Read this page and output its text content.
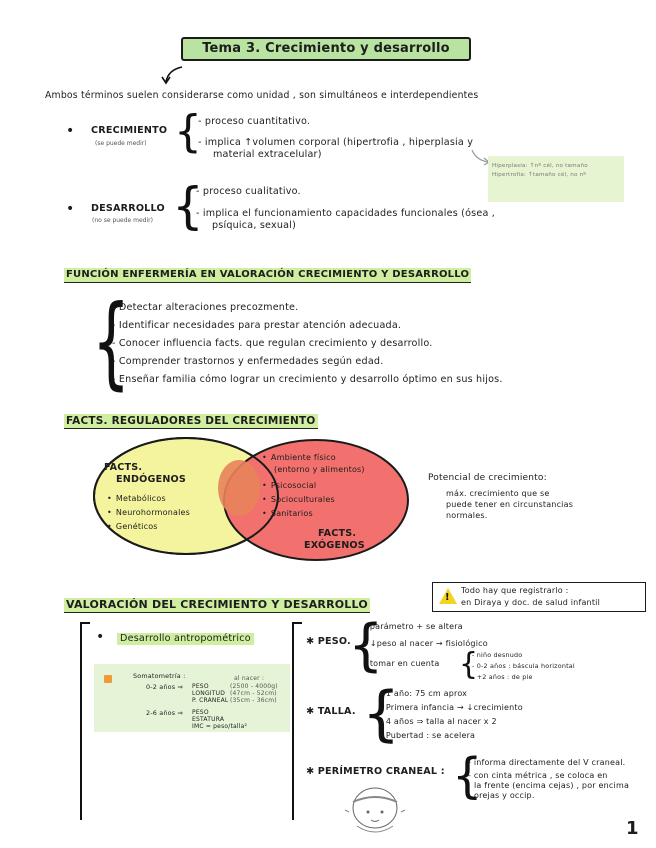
Tema 3. Crecimiento y desarrollo
Ambos términos suelen considerarse como unidad , son simultáneos e interdependientes
• CRECIMIENTO
(se puede medir) {
- proceso cuantitativo.
- implica ↑volumen corporal (hipertrofia , hiperplasia y
material extracelular)
Hiperplasia: ↑nº cél, no tamaño
Hipertrofia: ↑tamaño cél, no nº
• DESARROLLO
(no se puede medir) {
- proceso cualitativo.
- implica el funcionamiento capacidades funcionales (ósea ,
psíquica, sexual)
FUNCIÓN ENFERMERÍA EN VALORACIÓN CRECIMIENTO Y DESARROLLO
{
- Detectar alteraciones precozmente.
- Identificar necesidades para prestar atención adecuada.
- Conocer influencia facts. que regulan crecimiento y desarrollo.
- Comprender trastornos y enfermedades según edad.
- Enseñar familia cómo lograr un crecimiento y desarrollo óptimo en sus hijos.
FACTS. REGULADORES DEL CRECIMIENTO
FACTS.
ENDÓGENOS
• Metabólicos
• Neurohormonales
• Genéticos
• Ambiente físico
(entorno y alimentos)
• Psicosocial
• Socioculturales
• Sanitarios
FACTS.
EXÓGENOS
Potencial de crecimiento:
máx. crecimiento que se
puede tener en circunstancias
normales.
VALORACIÓN DEL CRECIMIENTO Y DESARROLLO
!
Todo hay que registrarlo :
en Diraya y doc. de salud infantil
•	Desarrollo antropométrico
Somatometría :
0-2 años ⇒ PESO
LONGITUD
P. CRANEAL
al nacer :
(2500 - 4000g)
(47cm - 52cm)
(35cm - 36cm)
2-6 años ⇒ PESO
ESTATURA
IMC = peso/talla²
✱ PESO.
{
- parámetro + se altera
- ↓peso al nacer → fisiológico
- tomar en cuenta {
- niño desnudo
- 0-2 años : báscula horizontal
- +2 años : de pie
✱ TALLA. {
- 1 año: 75 cm aprox
- Primera infancia → ↓crecimiento
- 4 años ⇒ talla al nacer x 2
- Pubertad : se acelera
✱ PERÍMETRO CRANEAL : {
- informa directamente del V craneal.
- con cinta métrica , se coloca en
la frente (encima cejas) , por encima
orejas y occip.
1
